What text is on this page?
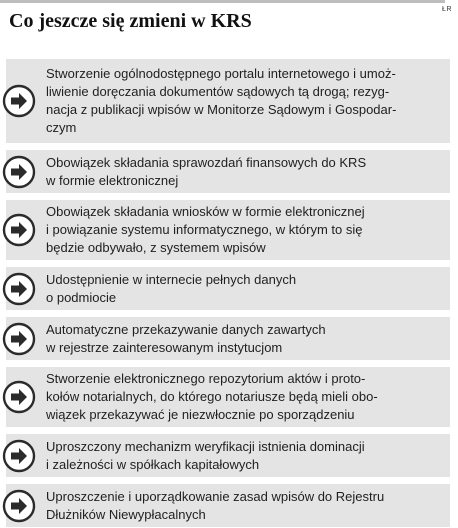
ŁR
Co jeszcze się zmieni w KRS
Stworzenie ogólnodostępnego portalu internetowego i umoż-
liwienie doręczania dokumentów sądowych tą drogą; rezyg-
nacja z publikacji wpisów w Monitorze Sądowym i Gospodar-
czym
Obowiązek składania sprawozdań finansowych do KRS
w formie elektronicznej
Obowiązek składania wniosków w formie elektronicznej
i powiązanie systemu informatycznego, w którym to się
będzie odbywało, z systemem wpisów
Udostępnienie w internecie pełnych danych
o podmiocie
Automatyczne przekazywanie danych zawartych
w rejestrze zainteresowanym instytucjom
Stworzenie elektronicznego repozytorium aktów i proto-
kołów notarialnych, do którego notariusze będą mieli obo-
wiązek przekazywać je niezwłocznie po sporządzeniu
Uproszczony mechanizm weryfikacji istnienia dominacji
i zależności w spółkach kapitałowych
Uproszczenie i uporządkowanie zasad wpisów do Rejestru
Dłużników Niewypłacalnych
